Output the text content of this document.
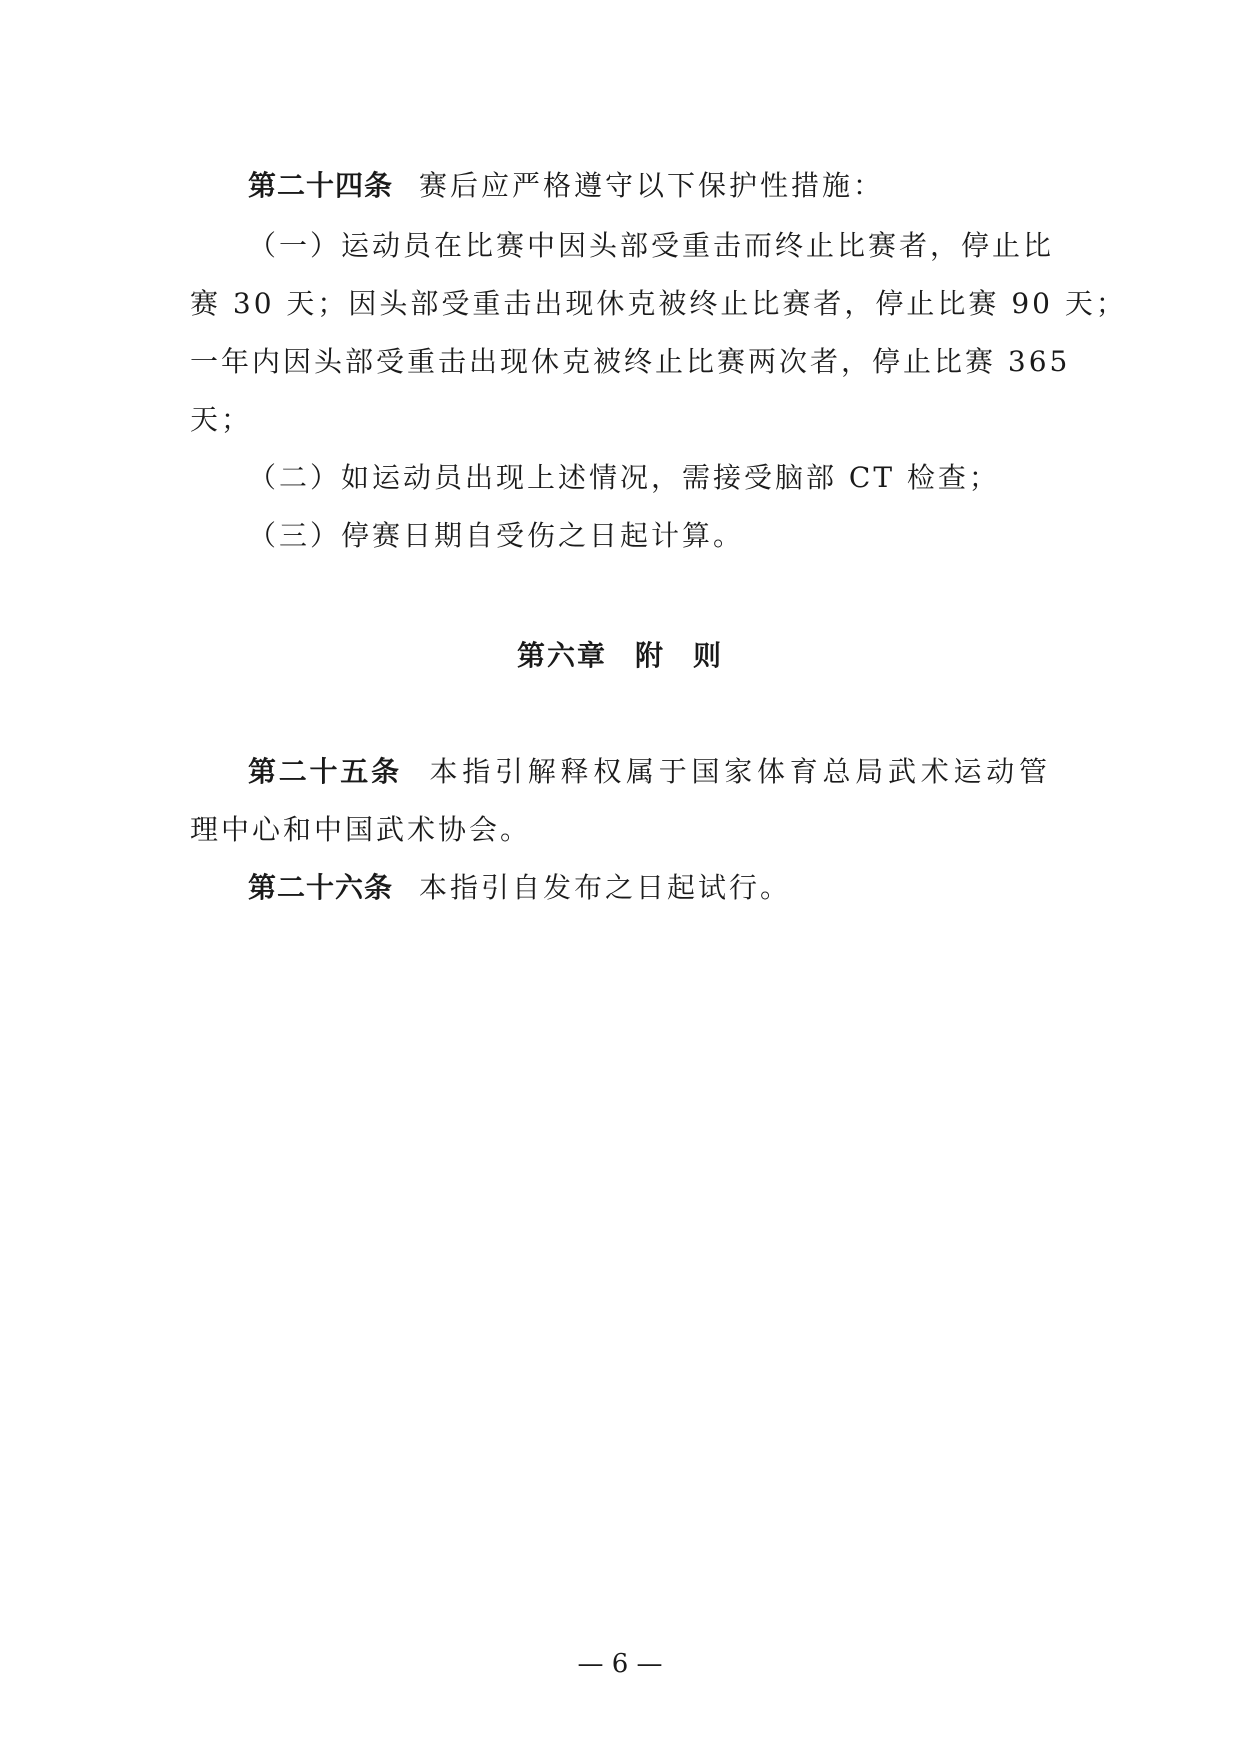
第二十四条 赛后应严格遵守以下保护性措施：
（一）运动员在比赛中因头部受重击而终止比赛者，停止比
赛 30 天；因头部受重击出现休克被终止比赛者，停止比赛 90 天；
一年内因头部受重击出现休克被终止比赛两次者，停止比赛 365
天；
（二）如运动员出现上述情况，需接受脑部 CT 检查；
（三）停赛日期自受伤之日起计算。
第六章 附 则
第二十五条 本指引解释权属于国家体育总局武术运动管
理中心和中国武术协会。
第二十六条 本指引自发布之日起试行。
— 6 —
